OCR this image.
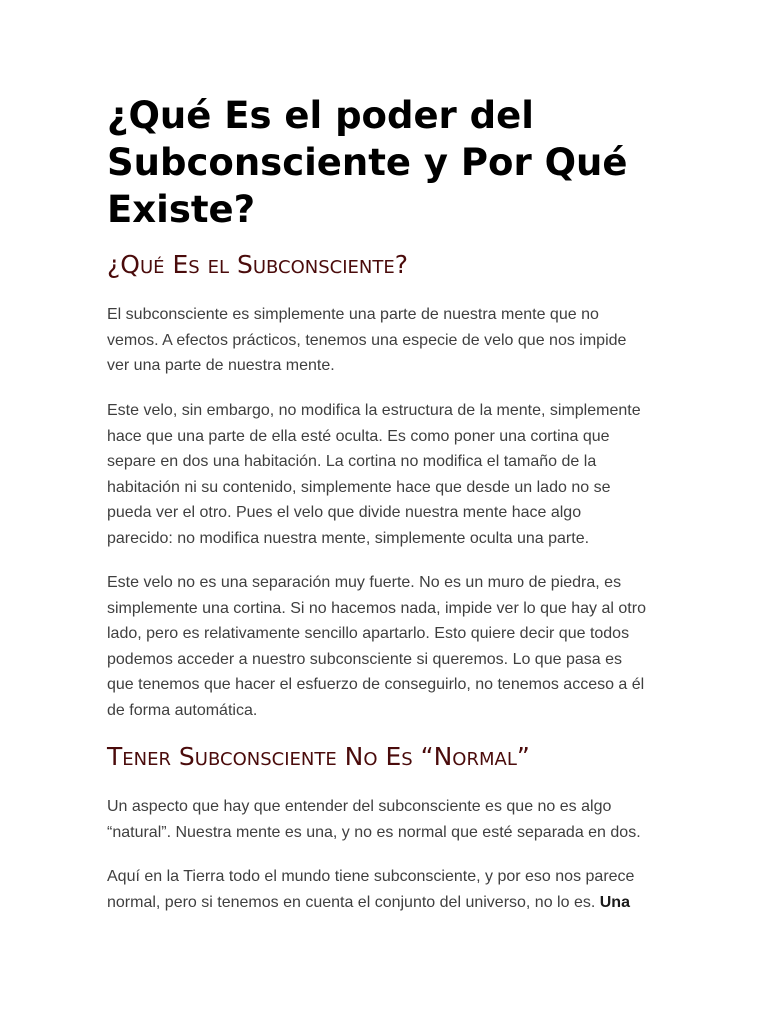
¿Qué Es el poder del
Subconsciente y Por Qué
Existe?
¿Qué Es el Subconsciente?

El subconsciente es simplemente una parte de nuestra mente que no
vemos. A efectos prácticos, tenemos una especie de velo que nos impide
ver una parte de nuestra mente.

Este velo, sin embargo, no modifica la estructura de la mente, simplemente
hace que una parte de ella esté oculta. Es como poner una cortina que
separe en dos una habitación. La cortina no modifica el tamaño de la
habitación ni su contenido, simplemente hace que desde un lado no se
pueda ver el otro. Pues el velo que divide nuestra mente hace algo
parecido: no modifica nuestra mente, simplemente oculta una parte.

Este velo no es una separación muy fuerte. No es un muro de piedra, es
simplemente una cortina. Si no hacemos nada, impide ver lo que hay al otro
lado, pero es relativamente sencillo apartarlo. Esto quiere decir que todos
podemos acceder a nuestro subconsciente si queremos. Lo que pasa es
que tenemos que hacer el esfuerzo de conseguirlo, no tenemos acceso a él
de forma automática.

Tener Subconsciente No Es “Normal”

Un aspecto que hay que entender del subconsciente es que no es algo
“natural”. Nuestra mente es una, y no es normal que esté separada en dos.

Aquí en la Tierra todo el mundo tiene subconsciente, y por eso nos parece
normal, pero si tenemos en cuenta el conjunto del universo, no lo es. Una
